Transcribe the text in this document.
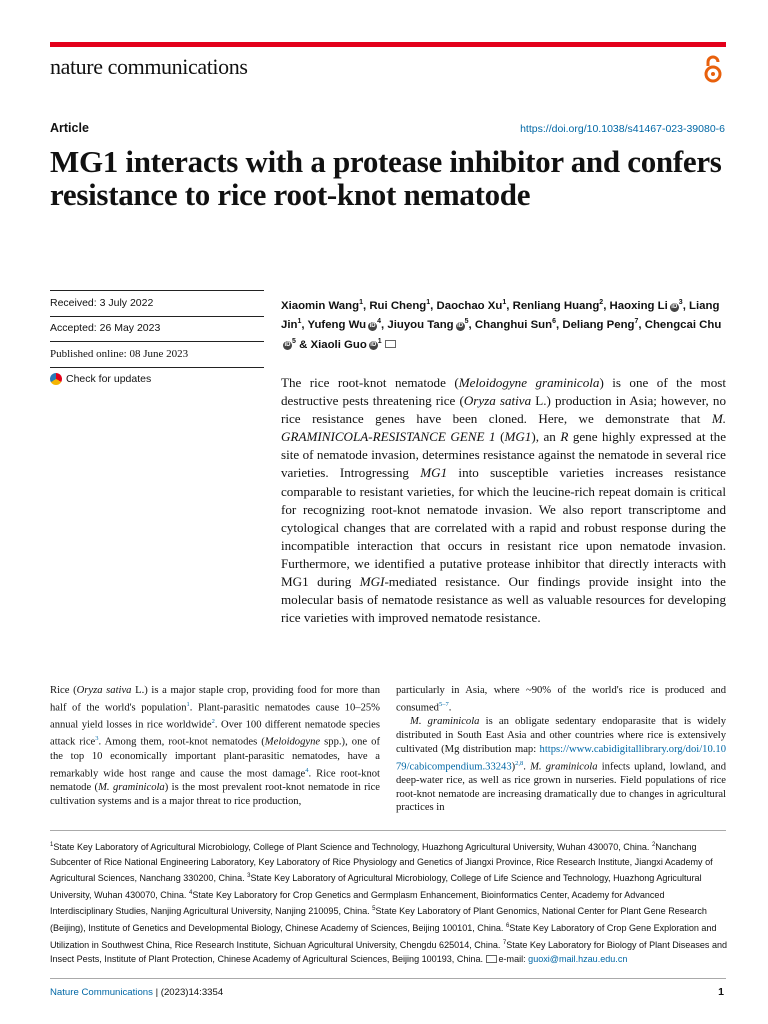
nature communications
Article	https://doi.org/10.1038/s41467-023-39080-6
MG1 interacts with a protease inhibitor and confers resistance to rice root-knot nematode
Received: 3 July 2022
Accepted: 26 May 2023
Published online: 08 June 2023
Check for updates
Xiaomin Wang$^1$, Rui Cheng$^1$, Daochao Xu$^1$, Renliang Huang$^2$, Haoxing Li $iD^3$, Liang Jin$^1$, Yufeng Wu $iD^4$, Jiuyou Tang $iD^5$, Changhui Sun$^6$, Deliang Peng$^7$, Chengcai ChuiD$^5$ & Xiaoli Guo $iD^1$

The rice root-knot nematode (Meloidogyne graminicola) is one of the most destructive pests threatening rice (Oryza sativa L.) production in Asia; however, no rice resistance genes have been cloned. Here, we demonstrate that M. GRAMINICOLA-RESISTANCE GENE 1 (MG1), an R gene highly expressed at the site of nematode invasion, determines resistance against the nematode in several rice varieties. Introgressing MG1 into susceptible varieties increases resistance comparable to resistant varieties, for which the leucine-rich repeat domain is critical for recognizing root-knot nematode invasion. We also report transcriptome and cytological changes that are correlated with a rapid and robust response during the incompatible interaction that occurs in resistant rice upon nematode invasion. Furthermore, we identified a putative protease inhibitor that directly interacts with MG1 during MGI-mediated resistance. Our findings provide insight into the molecular basis of nematode resistance as well as valuable resources for developing rice varieties with improved nematode resistance.

Rice (Oryza sativa L.) is a major staple crop, providing food for more than half of the world's population$^1$. Plant-parasitic nematodes cause 10–25% annual yield losses in rice worldwide$^2$. Over 100 different nematode species attack rice$^3$. Among them, root-knot nematodes (Meloidogyne spp.), one of the top 10 economically important plant-parasitic nematodes, have a remarkably wide host range and cause the most damage$^4$. Rice root-knot nematode (M. graminicola) is the most prevalent root-knot nematode in rice cultivation systems and is a major threat to rice production,

particularly in Asia, where ~90% of the world's rice is produced and consumed$^{5-7}$.

M. graminicola is an obligate sedentary endoparasite that is widely distributed in South East Asia and other countries where rice is extensively cultivated (Mg distribution map: https://www.cabidigitallibrary.org/doi/10.1079/cabicompendium.33243)$^{2,8}$. M. graminicola infects upland, lowland, and deep-water rice, as well as rice grown in nurseries. Field populations of rice root-knot nematode are increasing dramatically due to changes in agricultural practices in

$^1$State Key Laboratory of Agricultural Microbiology, College of Plant Science and Technology, Huazhong Agricultural University, Wuhan 430070, China. $^2$Nanchang Subcenter of Rice National Engineering Laboratory, Key Laboratory of Rice Physiology and Genetics of Jiangxi Province, Rice Research Institute, Jiangxi Academy of Agricultural Sciences, Nanchang 330200, China. $^3$State Key Laboratory of Agricultural Microbiology, College of Life Science and Technology, Huazhong Agricultural University, Wuhan 430070, China. $^4$State Key Laboratory for Crop Genetics and Germplasm Enhancement, Bioinformatics Center, Academy for Advanced Interdisciplinary Studies, Nanjing Agricultural University, Nanjing 210095, China. $^5$State Key Laboratory of Plant Genomics, National Center for Plant Gene Research (Beijing), Institute of Genetics and Developmental Biology, Chinese Academy of Sciences, Beijing 100101, China. $^6$State Key Laboratory of Crop Gene Exploration and Utilization in Southwest China, Rice Research Institute, Sichuan Agricultural University, Chengdu 625014, China. $^7$State Key Laboratory for Biology of Plant Diseases and Insect Pests, Institute of Plant Protection, Chinese Academy of Agricultural Sciences, Beijing 100193, China. e-mail: guoxi@mail.hzau.edu.cn

Nature Communications | (2023)14:3354	1
